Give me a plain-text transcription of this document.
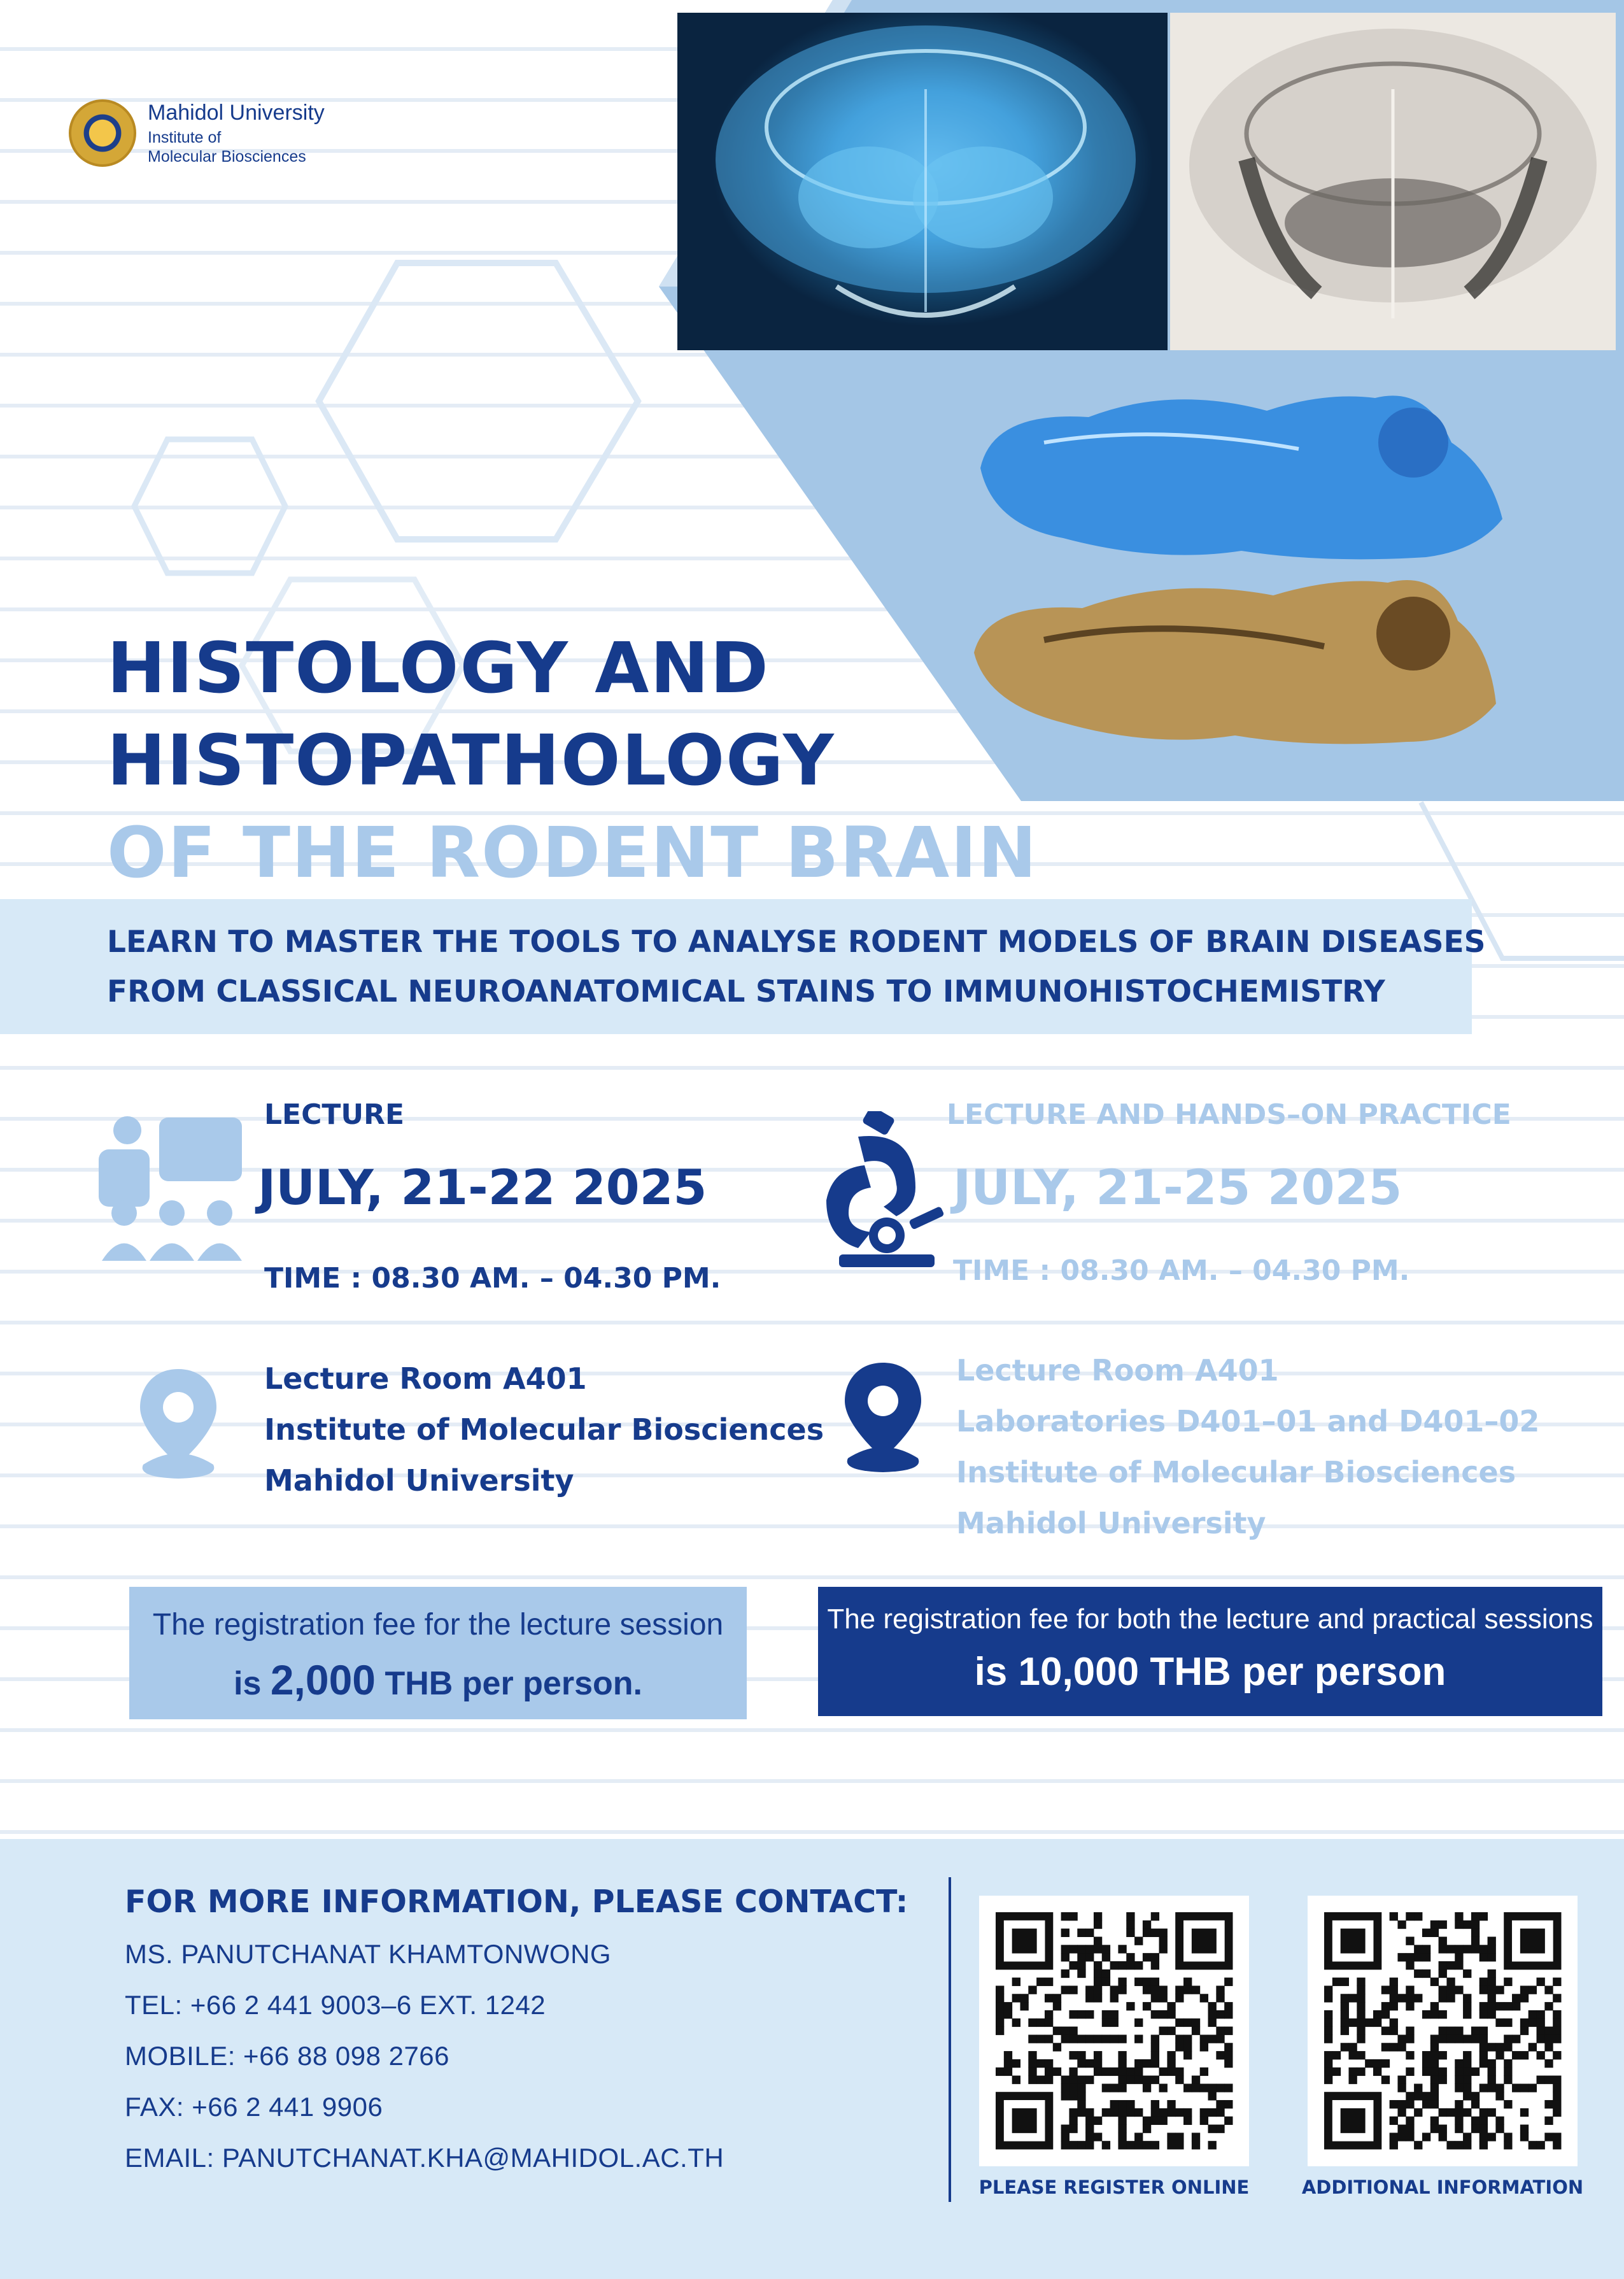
Mahidol University
Institute of
Molecular Biosciences
HISTOLOGY AND
HISTOPATHOLOGY
OF THE RODENT BRAIN
LEARN TO MASTER THE TOOLS TO ANALYSE RODENT MODELS OF BRAIN DISEASES
FROM CLASSICAL NEUROANATOMICAL STAINS TO IMMUNOHISTOCHEMISTRY
LECTURE
JULY, 21-22 2025
TIME : 08.30 AM. – 04.30 PM.
LECTURE AND HANDS–ON PRACTICE
JULY, 21-25 2025
TIME : 08.30 AM. – 04.30 PM.
Lecture Room A401
Institute of Molecular Biosciences
Mahidol University
Lecture Room A401
Laboratories D401–01 and D401–02
Institute of Molecular Biosciences
Mahidol University
The registration fee for the lecture session
is 2,000 THB per person.
The registration fee for both the lecture and practical sessions
is 10,000 THB per person
FOR MORE INFORMATION, PLEASE CONTACT:
MS. PANUTCHANAT KHAMTONWONG
TEL: +66 2 441 9003–6 EXT. 1242
MOBILE: +66 88 098 2766
FAX: +66 2 441 9906
EMAIL: PANUTCHANAT.KHA@MAHIDOL.AC.TH
PLEASE REGISTER ONLINE	ADDITIONAL INFORMATION
